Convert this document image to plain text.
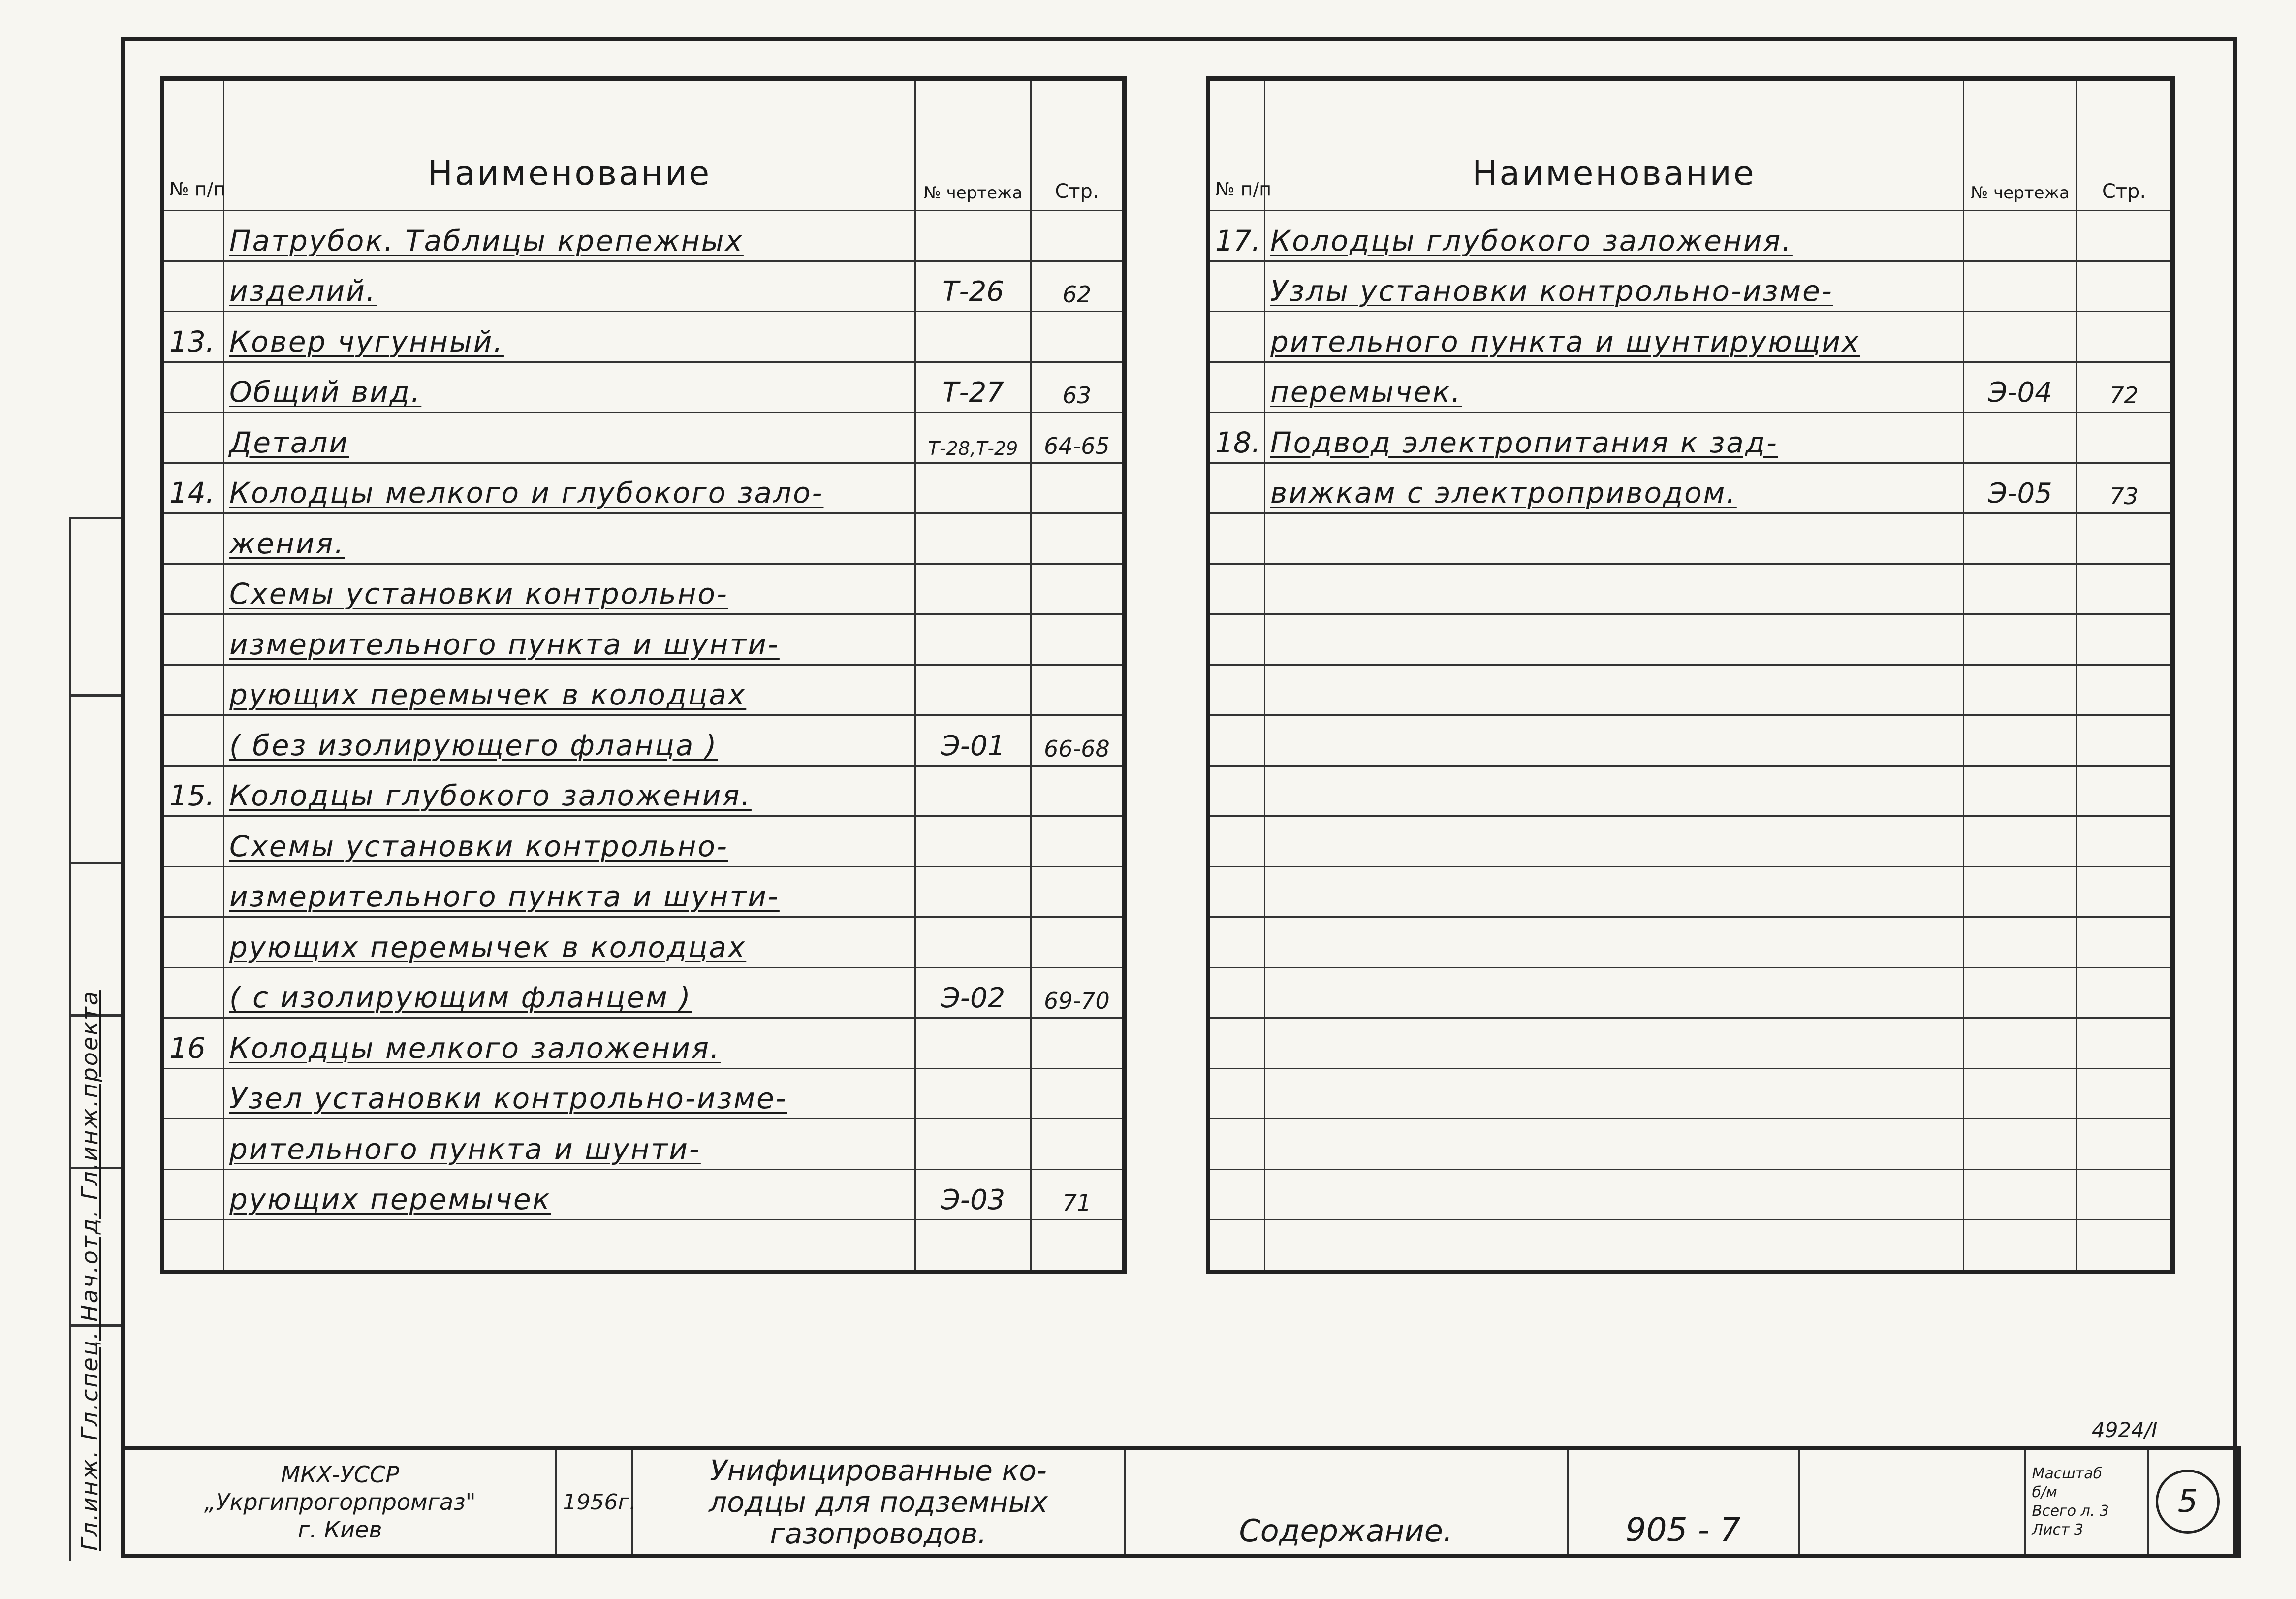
№ п/п	Наименование	№ чертежа	Стр.
	Патрубок. Таблицы крепежных		
	изделий.	Т-26	62
13.	Ковер чугунный.		
	Общий вид.	Т-27	63
	Детали	Т-28,Т-29	64-65
14.	Колодцы мелкого и глубокого зало-		
	жения.		
	Схемы установки контрольно-		
	измерительного пункта и шунти-		
	рующих перемычек в колодцах		
	( без изолирующего фланца )	Э-01	66-68
15.	Колодцы глубокого заложения.		
	Схемы установки контрольно-		
	измерительного пункта и шунти-		
	рующих перемычек в колодцах		
	( с изолирующим фланцем )	Э-02	69-70
16	Колодцы мелкого заложения.		
	Узел установки контрольно-изме-		
	рительного пункта и шунти-		
	рующих перемычек	Э-03	71

№ п/п	Наименование	№ чертежа	Стр.
17.	Колодцы глубокого заложения.		
	Узлы установки контрольно-изме-		
	рительного пункта и шунтирующих		
	перемычек.	Э-04	72
18.	Подвод электропитания к зад-		
	вижкам с электроприводом.	Э-05	73

4924/I
МКХ-УССР
„Укргипрогорпромгаз"
г. Киев
	1956г.	
Унифицированные ко-
лодцы для подземных
газопроводов.	Содержание.	905 - 7		
Масштаб
б/м
Всего л. 3
Лист 3

5
Гл.инж. Гл.спец. Нач.отд. Гл.инж.проекта
